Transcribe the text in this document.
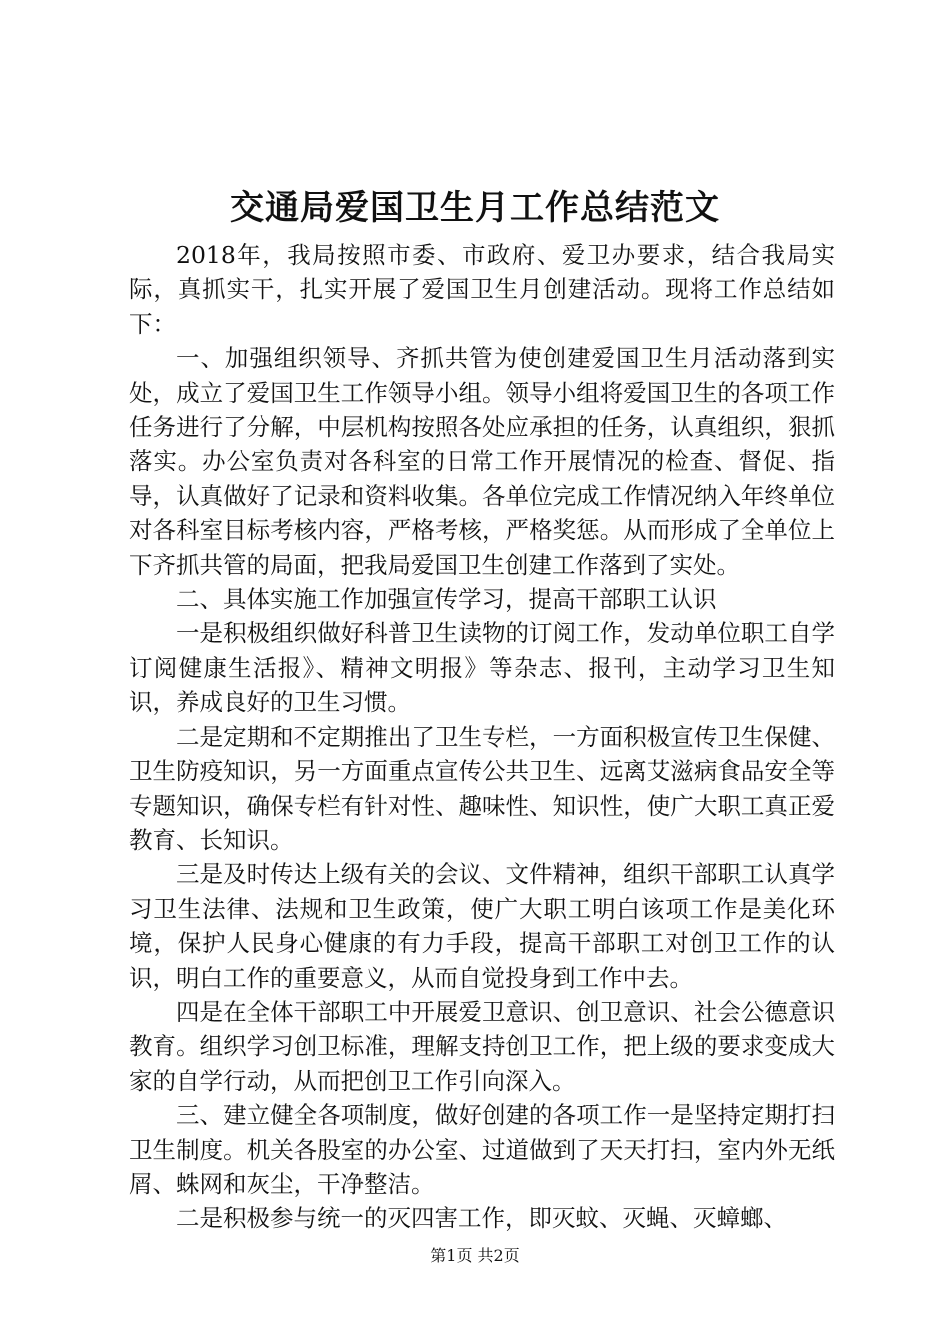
交通局爱国卫生月工作总结范文

2018年，我局按照市委、市政府、爱卫办要求，结合我局实际，真抓实干，扎实开展了爱国卫生月创建活动。现将工作总结如下：

一、加强组织领导、齐抓共管为使创建爱国卫生月活动落到实处，成立了爱国卫生工作领导小组。领导小组将爱国卫生的各项工作任务进行了分解，中层机构按照各处应承担的任务，认真组织，狠抓落实。办公室负责对各科室的日常工作开展情况的检查、督促、指导，认真做好了记录和资料收集。各单位完成工作情况纳入年终单位对各科室目标考核内容，严格考核，严格奖惩。从而形成了全单位上下齐抓共管的局面，把我局爱国卫生创建工作落到了实处。

二、具体实施工作加强宣传学习，提高干部职工认识

一是积极组织做好科普卫生读物的订阅工作，发动单位职工自学订阅健康生活报》、精神文明报》等杂志、报刊，主动学习卫生知识，养成良好的卫生习惯。

二是定期和不定期推出了卫生专栏，一方面积极宣传卫生保健、卫生防疫知识，另一方面重点宣传公共卫生、远离艾滋病食品安全等专题知识，确保专栏有针对性、趣味性、知识性，使广大职工真正爱教育、长知识。

三是及时传达上级有关的会议、文件精神，组织干部职工认真学习卫生法律、法规和卫生政策，使广大职工明白该项工作是美化环境，保护人民身心健康的有力手段，提高干部职工对创卫工作的认识，明白工作的重要意义，从而自觉投身到工作中去。

四是在全体干部职工中开展爱卫意识、创卫意识、社会公德意识教育。组织学习创卫标准，理解支持创卫工作，把上级的要求变成大家的自学行动，从而把创卫工作引向深入。

三、建立健全各项制度，做好创建的各项工作一是坚持定期打扫卫生制度。机关各股室的办公室、过道做到了天天打扫，室内外无纸屑、蛛网和灰尘，干净整洁。

二是积极参与统一的灭四害工作，即灭蚊、灭蝇、灭蟑螂、

第1页 共2页
